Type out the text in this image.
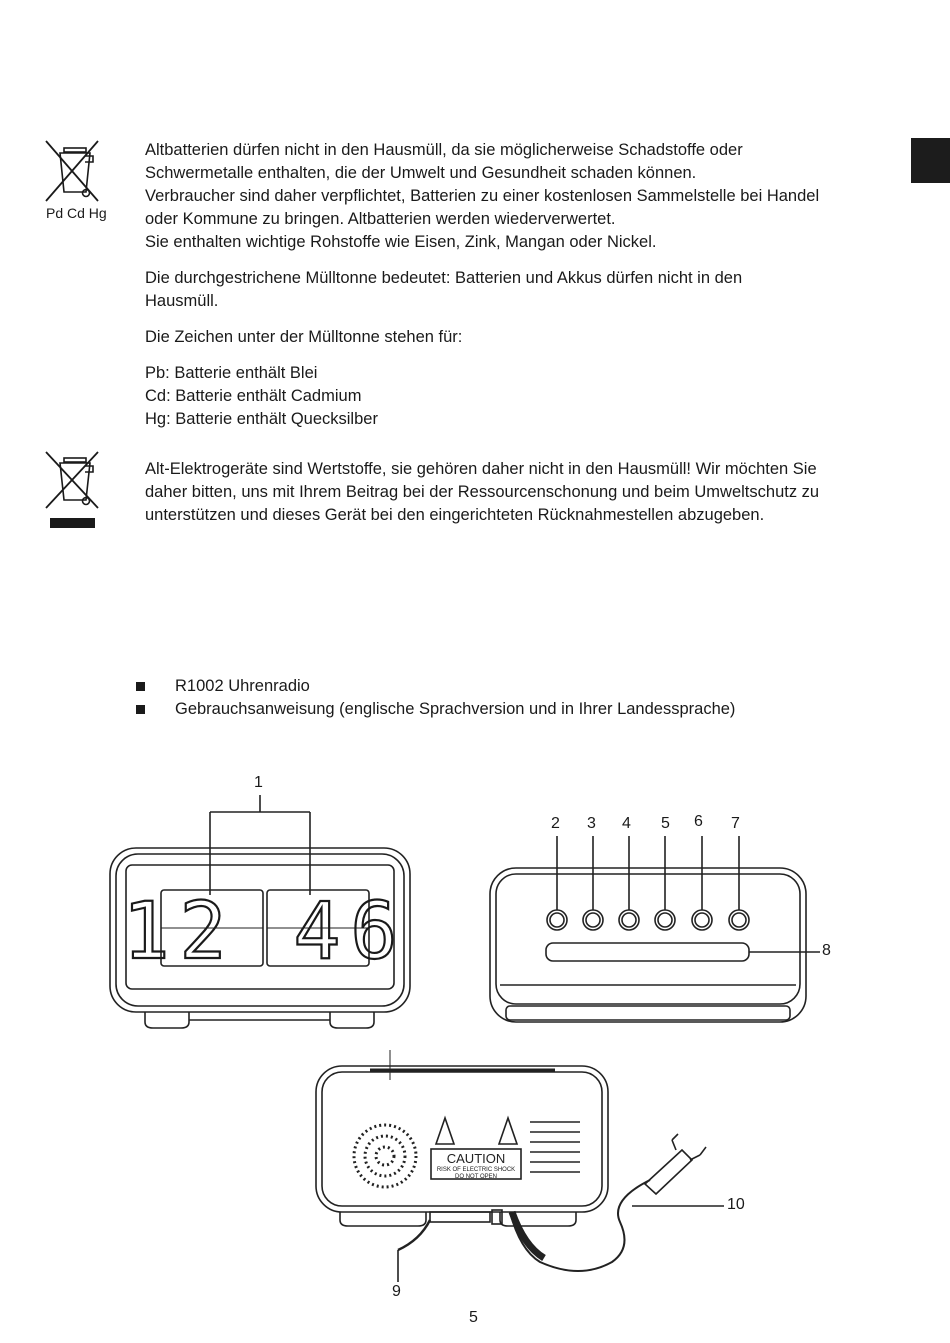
Pd Cd Hg
Altbatterien dürfen nicht in den Hausmüll, da sie möglicherweise Schadstoffe oder
Schwermetalle enthalten, die der Umwelt und Gesundheit schaden können.
Verbraucher sind daher verpflichtet, Batterien zu einer kostenlosen Sammelstelle bei Handel
oder Kommune zu bringen. Altbatterien werden wiederverwertet.
Sie enthalten wichtige Rohstoffe wie Eisen, Zink, Mangan oder Nickel.
Die durchgestrichene Mülltonne bedeutet: Batterien und Akkus dürfen nicht in den
Hausmüll.
Die Zeichen unter der Mülltonne stehen für:
Pb: Batterie enthält Blei
Cd: Batterie enthält Cadmium
Hg: Batterie enthält Quecksilber
Alt-Elektrogeräte sind Wertstoffe, sie gehören daher nicht in den Hausmüll! Wir möchten Sie
daher bitten, uns mit Ihrem Beitrag bei der Ressourcenschonung und beim Umweltschutz zu
unterstützen und dieses Gerät bei den eingerichteten Rücknahmestellen abzugeben.
R1002 Uhrenradio
Gebrauchsanweisung (englische Sprachversion und in Ihrer Landessprache)
12 46
CAUTION
RISK OF ELECTRIC SHOCK
DO NOT OPEN
1
2 3 4 5 6 7
8
9
10
5
